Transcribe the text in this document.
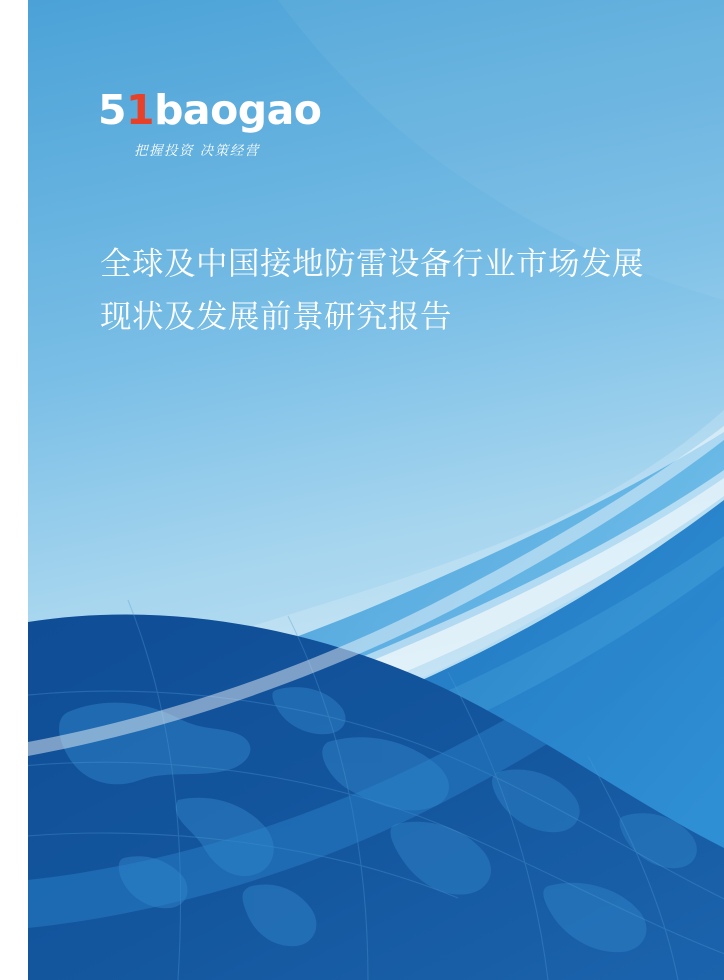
51baogao
把握投资 决策经营
全球及中国接地防雷设备行业市场发展现状及发展前景研究报告
